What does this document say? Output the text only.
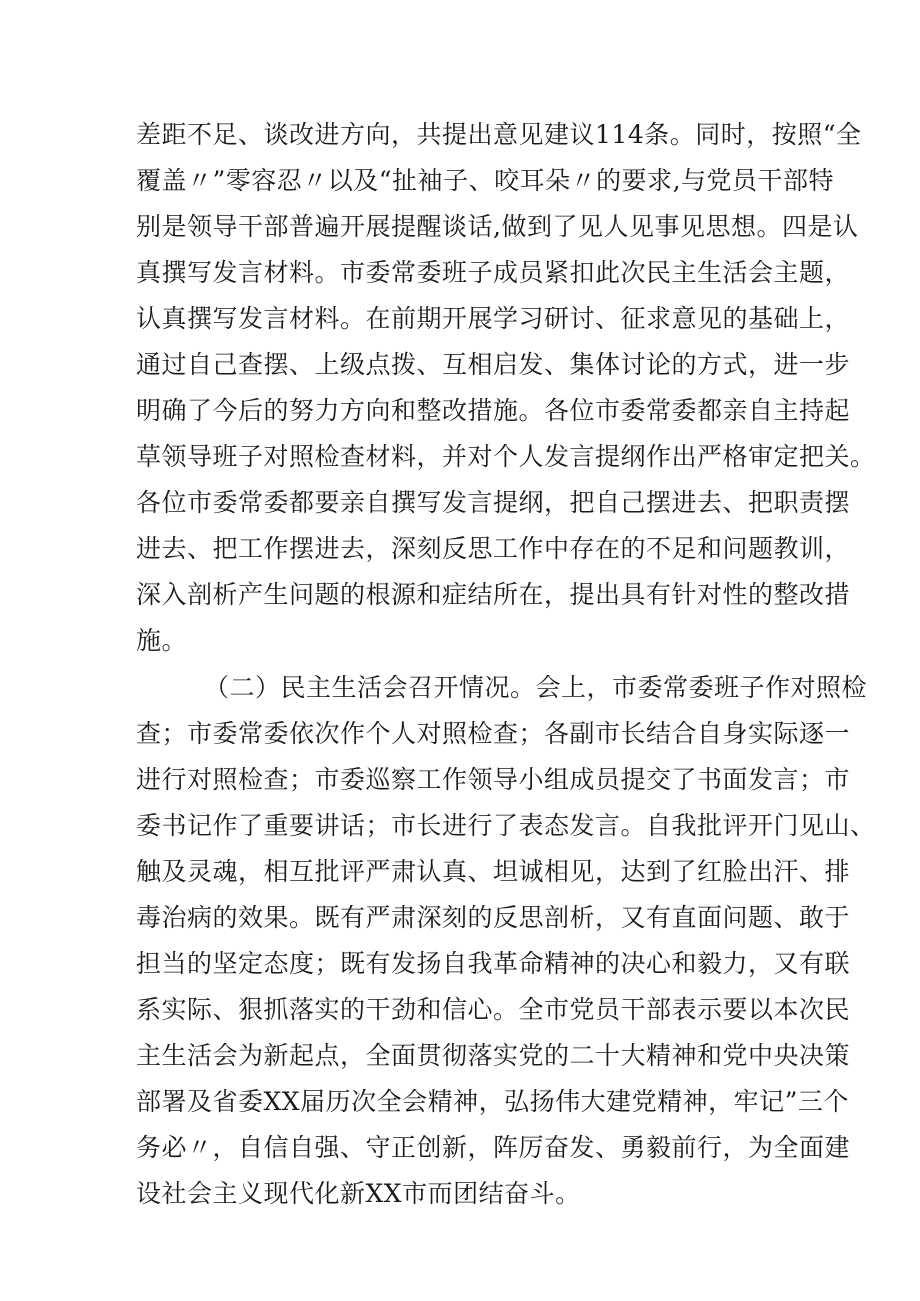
差距不足、谈改进方向，共提出意见建议114条。同时，按照“全
覆盖〃”零容忍〃以及“扯袖子、咬耳朵〃的要求,与党员干部特
别是领导干部普遍开展提醒谈话,做到了见人见事见思想。四是认
真撰写发言材料。市委常委班子成员紧扣此次民主生活会主题，
认真撰写发言材料。在前期开展学习研讨、征求意见的基础上，
通过自己查摆、上级点拨、互相启发、集体讨论的方式，进一步
明确了今后的努力方向和整改措施。各位市委常委都亲自主持起
草领导班子对照检查材料，并对个人发言提纲作出严格审定把关。
各位市委常委都要亲自撰写发言提纲，把自己摆进去、把职责摆
进去、把工作摆进去，深刻反思工作中存在的不足和问题教训，
深入剖析产生问题的根源和症结所在，提出具有针对性的整改措
施。
（二）民主生活会召开情况。会上，市委常委班子作对照检
查；市委常委依次作个人对照检查；各副市长结合自身实际逐一
进行对照检查；市委巡察工作领导小组成员提交了书面发言；市
委书记作了重要讲话；市长进行了表态发言。自我批评开门见山、
触及灵魂，相互批评严肃认真、坦诚相见，达到了红脸出汗、排
毒治病的效果。既有严肃深刻的反思剖析，又有直面问题、敢于
担当的坚定态度；既有发扬自我革命精神的决心和毅力，又有联
系实际、狠抓落实的干劲和信心。全市党员干部表示要以本次民
主生活会为新起点，全面贯彻落实党的二十大精神和党中央决策
部署及省委XX届历次全会精神，弘扬伟大建党精神，牢记”三个
务必〃，自信自强、守正创新，阵厉奋发、勇毅前行，为全面建
设社会主义现代化新XX市而团结奋斗。
